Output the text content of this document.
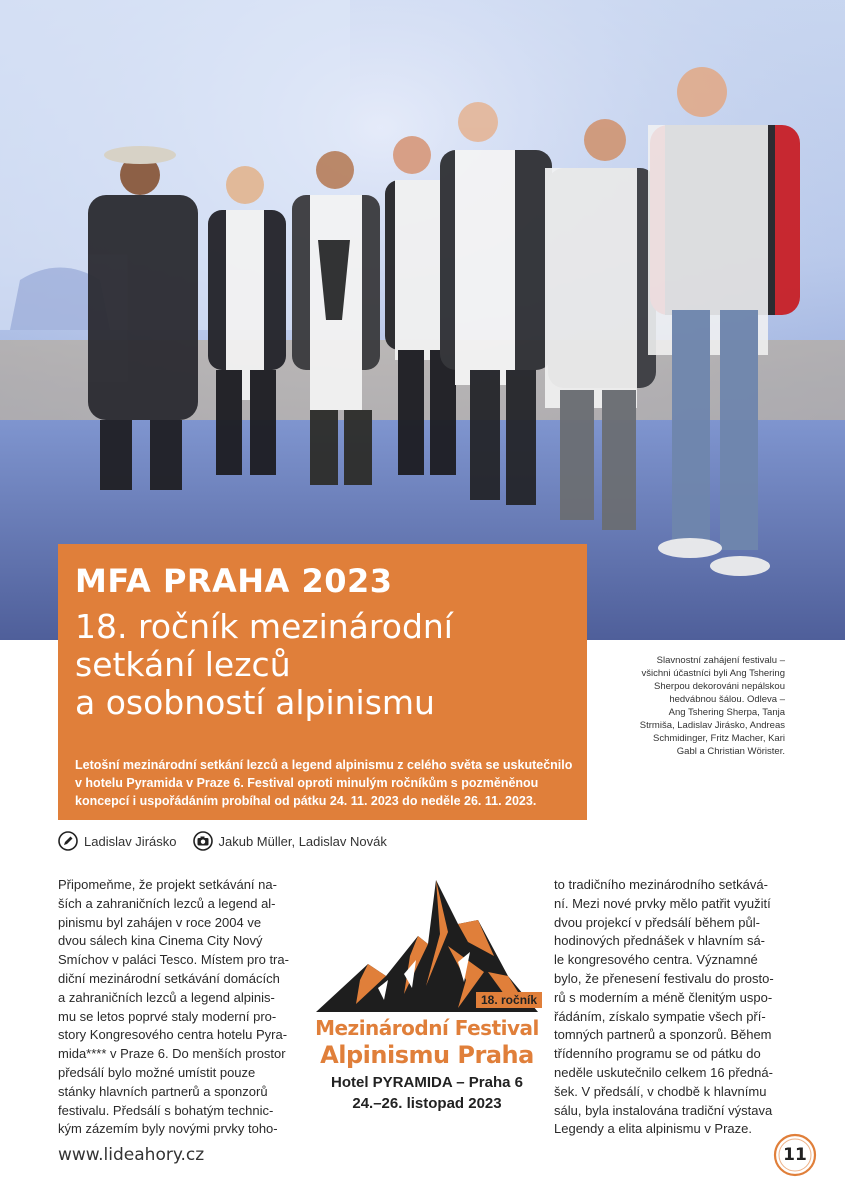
MFA PRAHA 2023
18. ročník mezinárodní
setkání lezců
a osobností alpinismu
Letošní mezinárodní setkání lezců a legend alpinismu z celého světa se uskutečnilo
v hotelu Pyramida v Praze 6. Festival oproti minulým ročníkům s pozměněnou
koncepcí i uspořádáním probíhal od pátku 24. 11. 2023 do neděle 26. 11. 2023.
Slavnostní zahájení festivalu –
všichni účastníci byli Ang Tshering
Sherpou dekorováni nepálskou
hedvábnou šálou. Odleva –
Ang Tshering Sherpa, Tanja
Strmiša, Ladislav Jirásko, Andreas
Schmidinger, Fritz Macher, Kari
Gabl a Christian Wörister.
Ladislav Jirásko	Jakub Müller, Ladislav Novák
Připomeňme, že projekt setkávání na-
ších a zahraničních lezců a legend al-
pinismu byl zahájen v roce 2004 ve
dvou sálech kina Cinema City Nový
Smíchov v paláci Tesco. Místem pro tra-
diční mezinárodní setkávání domácích
a zahraničních lezců a legend alpinis-
mu se letos poprvé staly moderní pro-
story Kongresového centra hotelu Pyra-
mida**** v Praze 6. Do menších prostor
předsálí bylo možné umístit pouze
stánky hlavních partnerů a sponzorů
festivalu. Předsálí s bohatým technic-
kým zázemím byly novými prvky toho-
18. ročník
Mezinárodní Festival
Alpinismu Praha
Hotel PYRAMIDA – Praha 6
24.–26. listopad 2023
to tradičního mezinárodního setkává-
ní. Mezi nové prvky mělo patřit využití
dvou projekcí v předsálí během půl-
hodinových přednášek v hlavním sá-
le kongresového centra. Významné
bylo, že přenesení festivalu do prosto-
rů s moderním a méně členitým uspo-
řádáním, získalo sympatie všech pří-
tomných partnerů a sponzorů. Během
třídenního programu se od pátku do
neděle uskutečnilo celkem 16 předná-
šek. V předsálí, v chodbě k hlavnímu
sálu, byla instalována tradiční výstava
Legendy a elita alpinismu v Praze.
www.lideahory.cz	11
